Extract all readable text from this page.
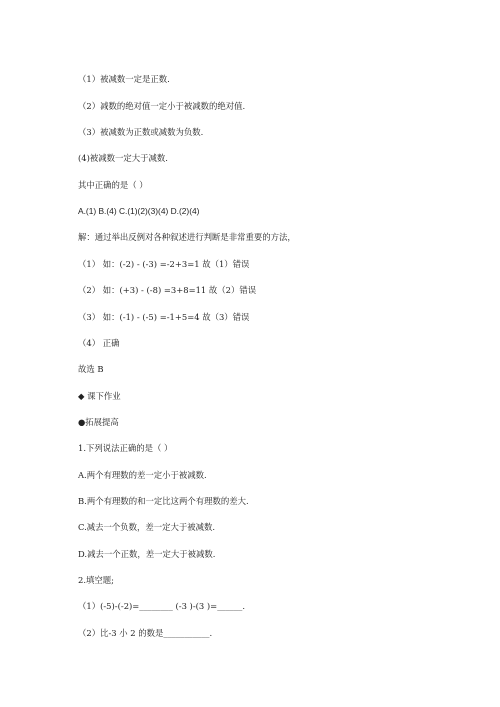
（1）被减数一定是正数.
（2）减数的绝对值一定小于被减数的绝对值.
（3）被减数为正数或减数为负数.
(4)被减数一定大于减数.
其中正确的是（ ）
A.(1) B.(4) C.(1)(2)(3)(4) D.(2)(4)
解：通过举出反例对各种叙述进行判断是非常重要的方法，
（1） 如：(-2) - (-3) =-2+3=1 故（1）错误
（2） 如：(+3) - (-8) =3+8=11 故（2）错误
（3） 如：(-1) - (-5) =-1+5=4 故（3）错误
（4） 正确
故选 B
◆ 课下作业
●拓展提高
1.下列说法正确的是（ ）
A.两个有理数的差一定小于被减数.
B.两个有理数的和一定比这两个有理数的差大.
C.减去一个负数，差一定大于被减数.
D.减去一个正数，差一定大于被减数.
2.填空题;
（1）(-5)-(-2)=________ (-3 )-(3 )=______.
（2）比-3 小 2 的数是___________.
